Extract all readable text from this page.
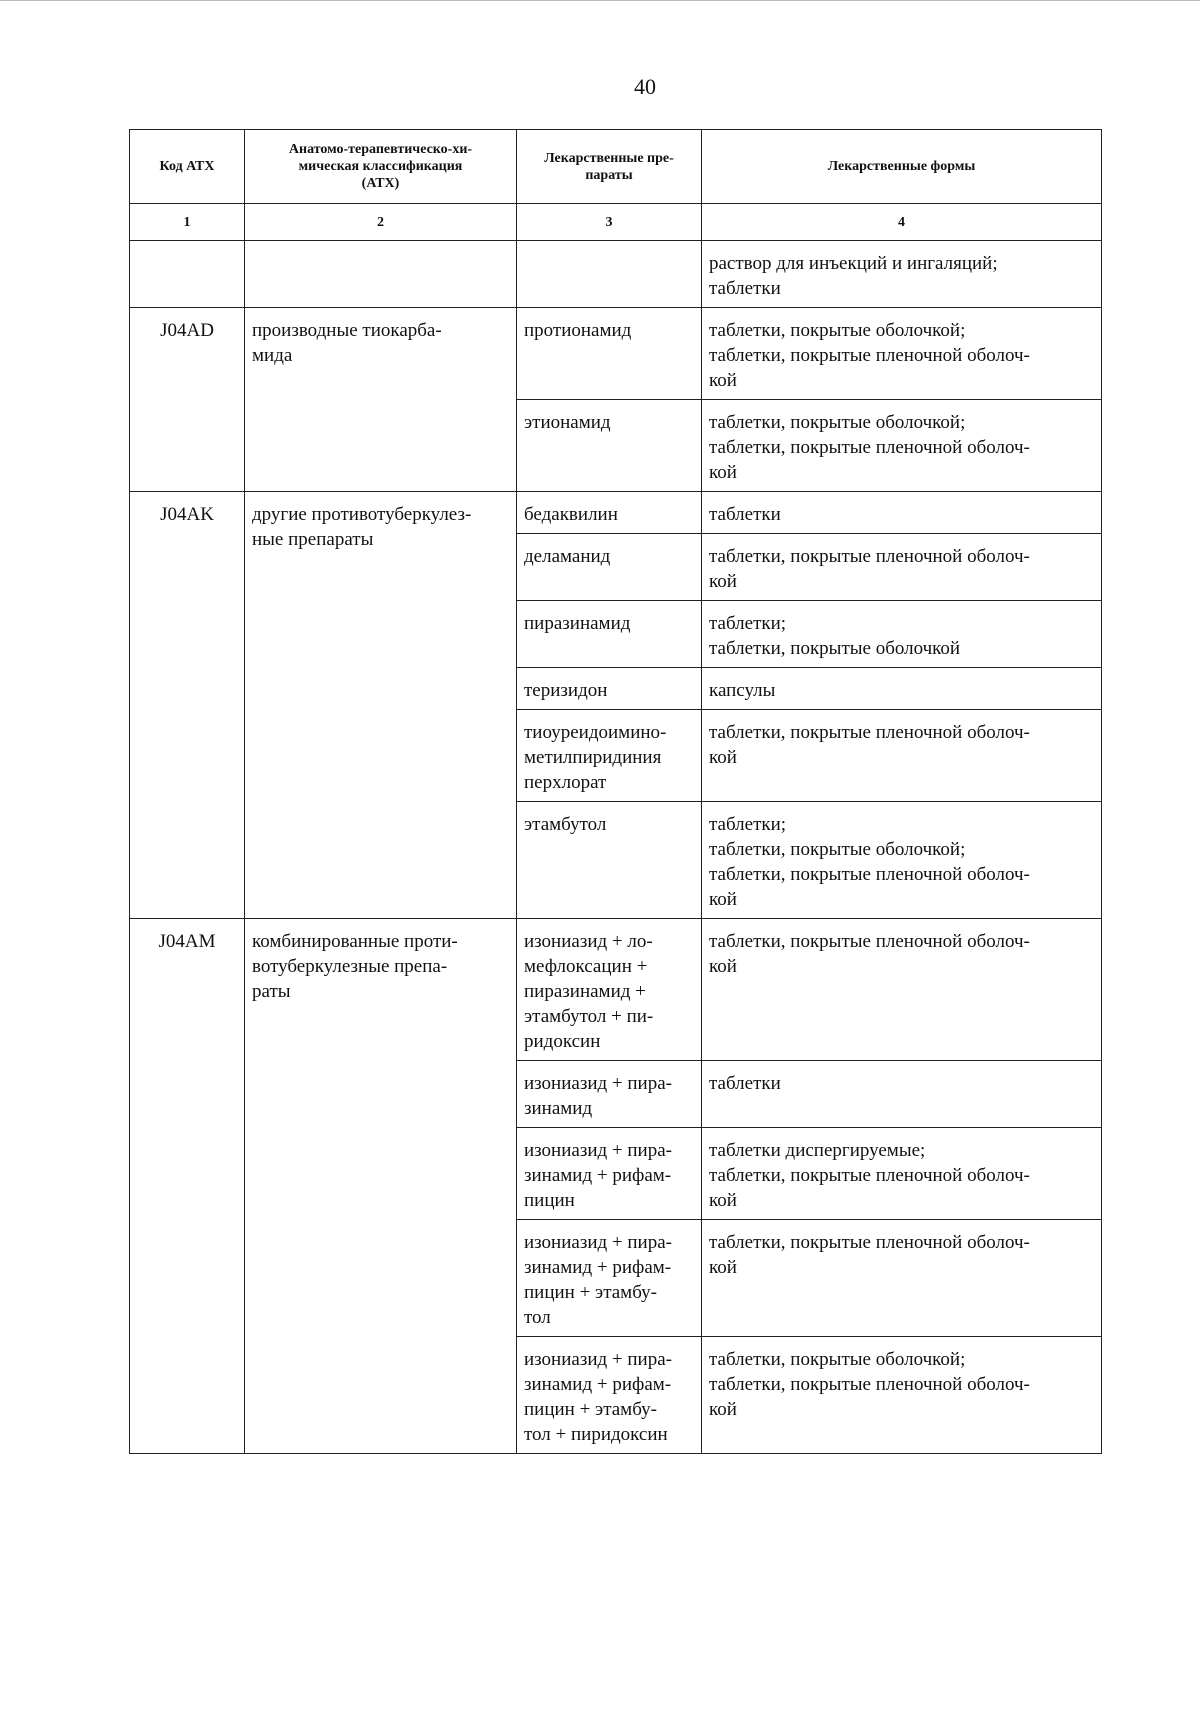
40
Код АТХ	Анатомо-терапевтическо-хи-
мическая классификация
(АТХ)	Лекарственные пре-
параты	Лекарственные формы
1	2	3	4
			раствор для инъекций и ингаляций;
таблетки
J04AD	производные тиокарба-
мида	протионамид	таблетки, покрытые оболочкой;
таблетки, покрытые пленочной оболоч-
кой
		этионамид	таблетки, покрытые оболочкой;
таблетки, покрытые пленочной оболоч-
кой
J04AK	другие противотуберкулез-
ные препараты	бедаквилин	таблетки
		деламанид	таблетки, покрытые пленочной оболоч-
кой
		пиразинамид	таблетки;
таблетки, покрытые оболочкой
		теризидон	капсулы
		тиоуреидоимино-
метилпиридиния
перхлорат	таблетки, покрытые пленочной оболоч-
кой
		этамбутол	таблетки;
таблетки, покрытые оболочкой;
таблетки, покрытые пленочной оболоч-
кой
J04AM	комбинированные проти-
вотуберкулезные препа-
раты	изониазид + ло-
мефлоксацин +
пиразинамид +
этамбутол + пи-
ридоксин	таблетки, покрытые пленочной оболоч-
кой
		изониазид + пира-
зинамид	таблетки
		изониазид + пира-
зинамид + рифам-
пицин	таблетки диспергируемые;
таблетки, покрытые пленочной оболоч-
кой
		изониазид + пира-
зинамид + рифам-
пицин + этамбу-
тол	таблетки, покрытые пленочной оболоч-
кой
		изониазид + пира-
зинамид + рифам-
пицин + этамбу-
тол + пиридоксин	таблетки, покрытые оболочкой;
таблетки, покрытые пленочной оболоч-
кой
